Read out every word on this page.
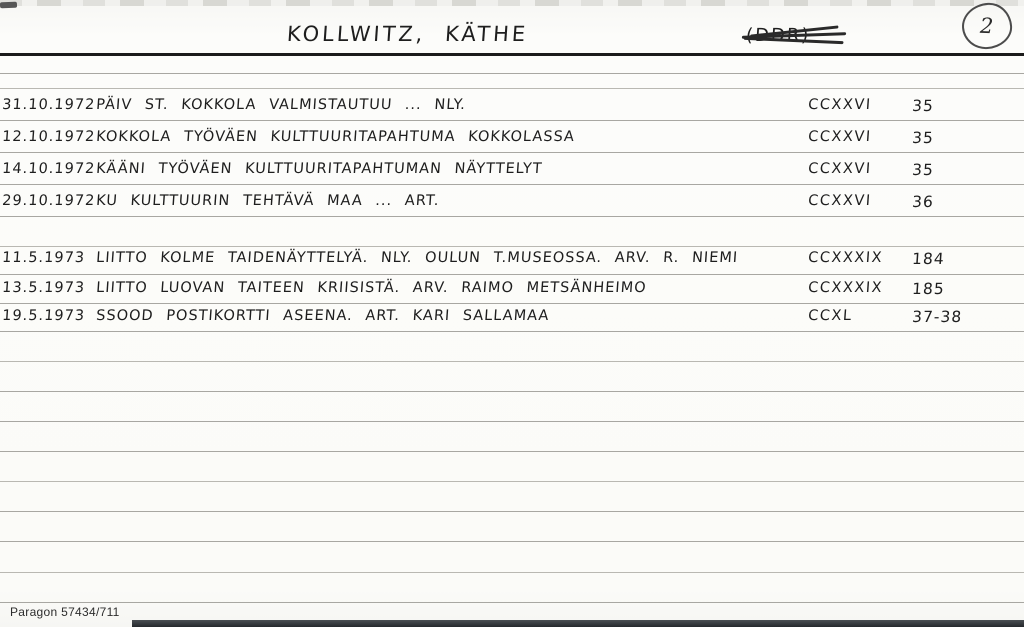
KOLLWITZ, KÄTHE	2
31.10.1972 PÄIV ST. KOKKOLA VALMISTAUTUU ... NLY.	CCXXVI	35
12.10.1972 KOKKOLA TYÖVÄEN KULTTUURITAPAHTUMA KOKKOLASSA	CCXXVI	35
14.10.1972 KÄÄNI TYÖVÄEN KULTTUURITAPAHTUMAN NÄYTTELYT	CCXXVI	35
29.10.1972 KU KULTTUURIN TEHTÄVÄ MAA ... ART.	CCXXVI	36
11.5.1973 LIITTO KOLME TAIDENÄYTTELYÄ. NLY. OULUN T.MUSEOSSA. ARV. R. NIEMI	CCXXXIX 184
13.5.1973 LIITTO LUOVAN TAITEEN KRIISISTÄ. ARV. RAIMO METSÄNHEIMO	CCXXXIX 185
19.5.1973 SSOOD POSTIKORTTI ASEENA. ART. KARI SALLAMAA	CCXL	37-38
Paragon 57434/711
